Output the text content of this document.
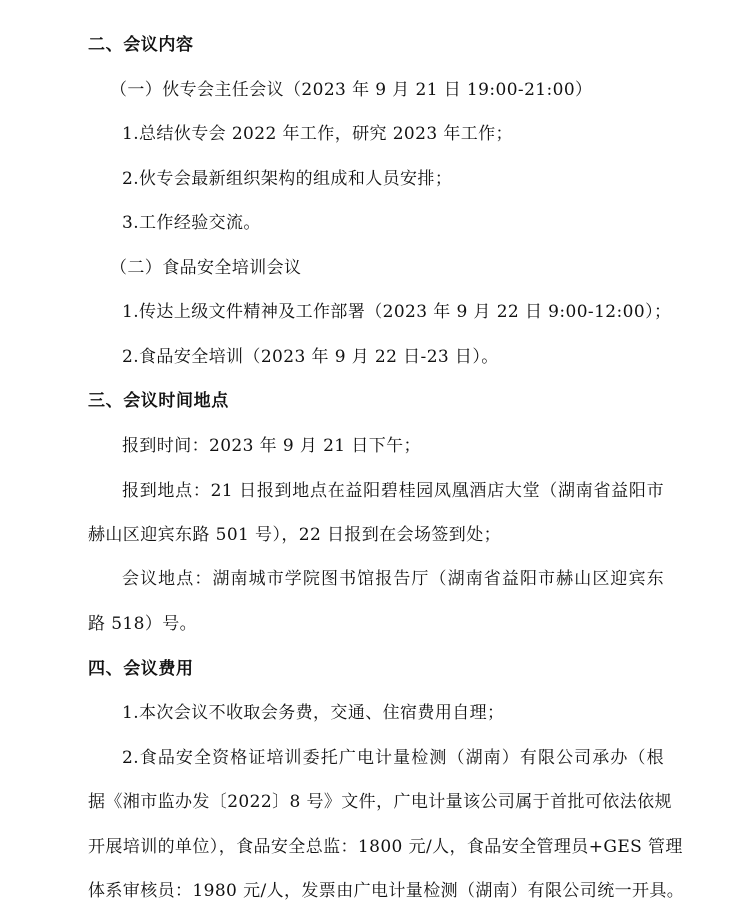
二、会议内容
（一）伙专会主任会议（2023 年 9 月 21 日 19:00-21:00）
1.总结伙专会 2022 年工作，研究 2023 年工作；
2.伙专会最新组织架构的组成和人员安排；
3.工作经验交流。
（二）食品安全培训会议
1.传达上级文件精神及工作部署（2023 年 9 月 22 日 9:00-12:00）；
2.食品安全培训（2023 年 9 月 22 日-23 日）。
三、会议时间地点
报到时间：2023 年 9 月 21 日下午；
报到地点：21 日报到地点在益阳碧桂园凤凰酒店大堂（湖南省益阳市
赫山区迎宾东路 501 号），22 日报到在会场签到处；
会议地点：湖南城市学院图书馆报告厅（湖南省益阳市赫山区迎宾东
路 518）号。
四、会议费用
1.本次会议不收取会务费，交通、住宿费用自理；
2.食品安全资格证培训委托广电计量检测（湖南）有限公司承办（根
据《湘市监办发〔2022〕8 号》文件，广电计量该公司属于首批可依法依规
开展培训的单位），食品安全总监：1800 元/人，食品安全管理员+GES 管理
体系审核员：1980 元/人，发票由广电计量检测（湖南）有限公司统一开具。
